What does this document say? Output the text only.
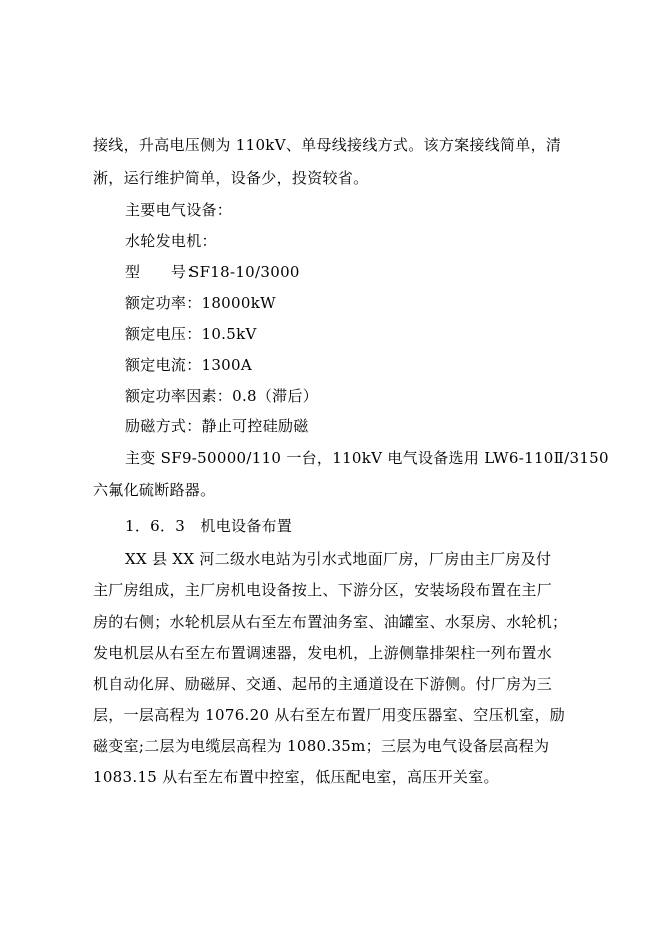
接线，升高电压侧为 110kV、单母线接线方式。该方案接线简单，清
淅，运行维护简单，设备少，投资较省。
主要电气设备：
水轮发电机：
型　　号：SF18-10/3000
额定功率：18000kW
额定电压：10.5kV
额定电流：1300A
额定功率因素：0.8（滞后）
励磁方式：静止可控硅励磁
主变 SF9-50000/110 一台，110kV 电气设备选用 LW6-110Ⅱ/3150
六氟化硫断路器。
1．6．3　机电设备布置
XX 县 XX 河二级水电站为引水式地面厂房，厂房由主厂房及付
主厂房组成，主厂房机电设备按上、下游分区，安装场段布置在主厂
房的右侧；水轮机层从右至左布置油务室、油罐室、水泵房、水轮机；
发电机层从右至左布置调速器，发电机，上游侧靠排架柱一列布置水
机自动化屏、励磁屏、交通、起吊的主通道设在下游侧。付厂房为三
层，一层高程为 1076.20 从右至左布置厂用变压器室、空压机室，励
磁变室;二层为电缆层高程为 1080.35m；三层为电气设备层高程为
1083.15 从右至左布置中控室，低压配电室，高压开关室。
